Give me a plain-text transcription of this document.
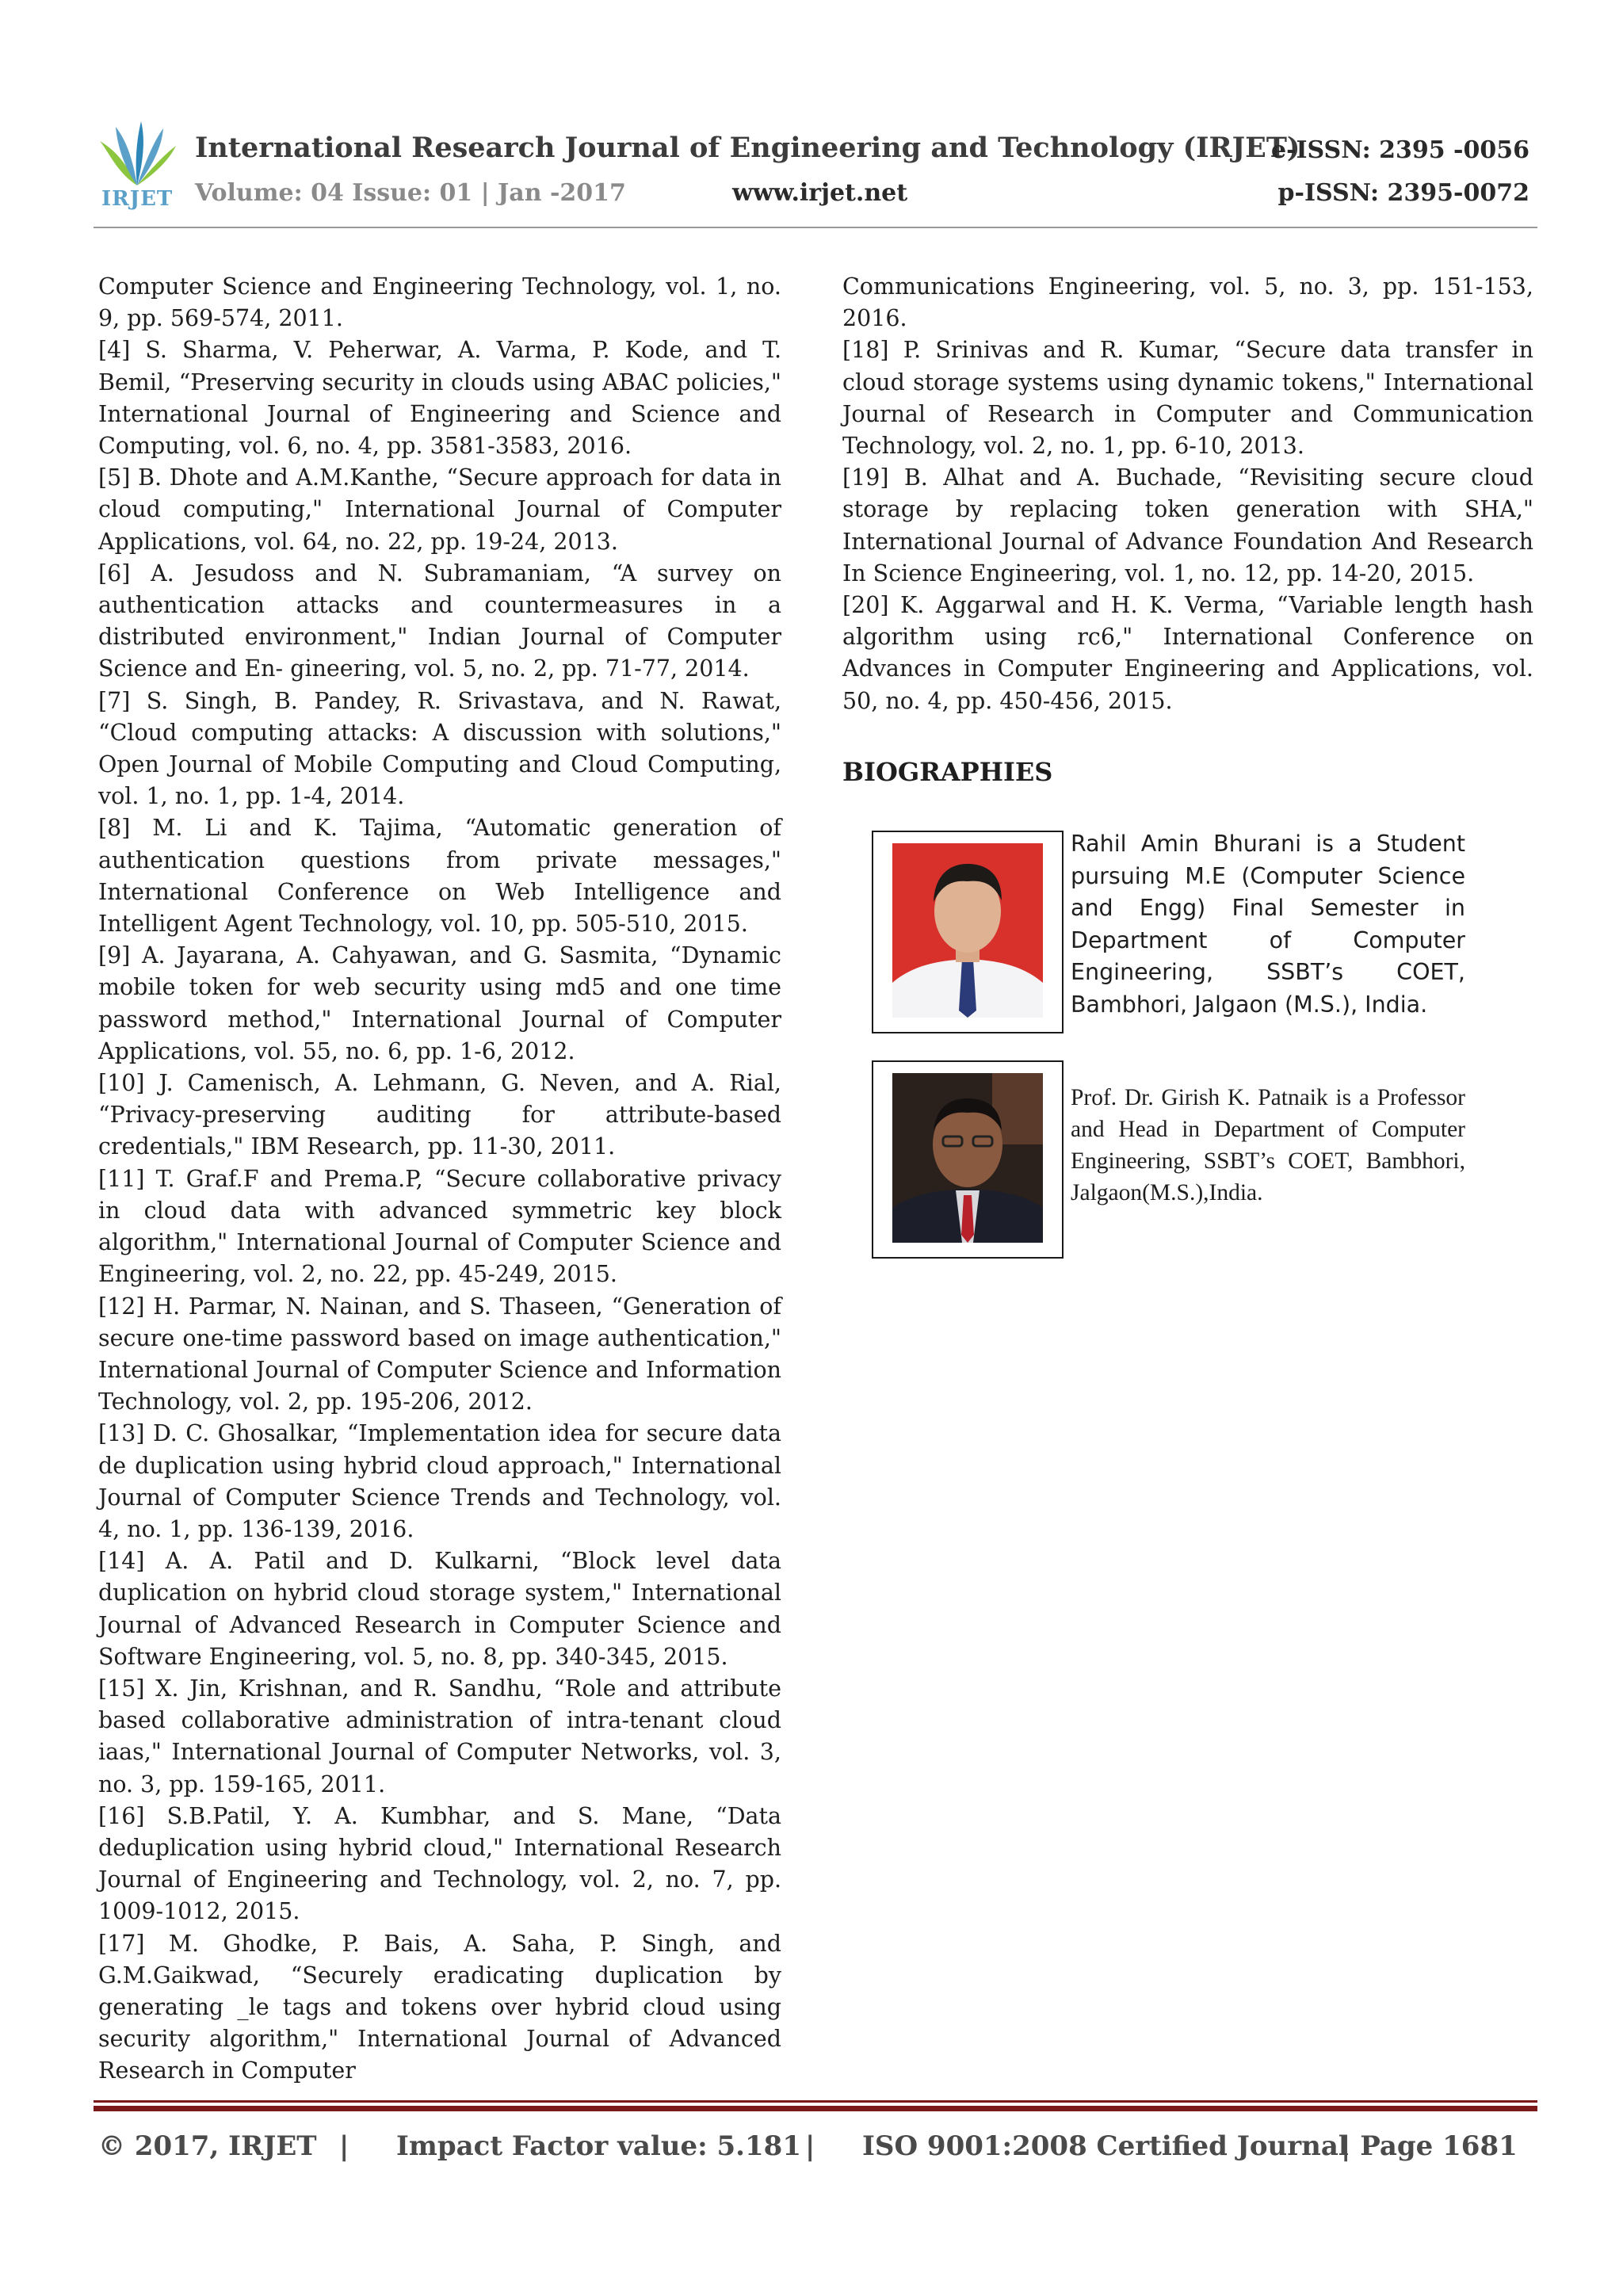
IRJET
International Research Journal of Engineering and Technology (IRJET)
e-ISSN: 2395 -0056
Volume: 04 Issue: 01 | Jan -2017	www.irjet.net	p-ISSN: 2395-0072

Computer Science and Engineering Technology, vol. 1, no. 9, pp. 569-574, 2011.

[4] S. Sharma, V. Peherwar, A. Varma, P. Kode, and T. Bemil, “Preserving security in clouds using ABAC policies," International Journal of Engineering and Science and Computing, vol. 6, no. 4, pp. 3581-3583, 2016.

[5] B. Dhote and A.M.Kanthe, “Secure approach for data in cloud computing," International Journal of Computer Applications, vol. 64, no. 22, pp. 19-24, 2013.

[6] A. Jesudoss and N. Subramaniam, “A survey on authentication attacks and countermeasures in a distributed environment," Indian Journal of Computer Science and En- gineering, vol. 5, no. 2, pp. 71-77, 2014.

[7] S. Singh, B. Pandey, R. Srivastava, and N. Rawat, “Cloud computing attacks: A discussion with solutions," Open Journal of Mobile Computing and Cloud Computing, vol. 1, no. 1, pp. 1-4, 2014.

[8] M. Li and K. Tajima, “Automatic generation of authentication questions from private messages," International Conference on Web Intelligence and Intelligent Agent Technology, vol. 10, pp. 505-510, 2015.

[9] A. Jayarana, A. Cahyawan, and G. Sasmita, “Dynamic mobile token for web security using md5 and one time password method," International Journal of Computer Applications, vol. 55, no. 6, pp. 1-6, 2012.

[10] J. Camenisch, A. Lehmann, G. Neven, and A. Rial, “Privacy-preserving auditing for attribute-based credentials," IBM Research, pp. 11-30, 2011.

[11] T. Graf.F and Prema.P, “Secure collaborative privacy in cloud data with advanced symmetric key block algorithm," International Journal of Computer Science and Engineering, vol. 2, no. 22, pp. 45-249, 2015.

[12] H. Parmar, N. Nainan, and S. Thaseen, “Generation of secure one-time password based on image authentication," International Journal of Computer Science and Information Technology, vol. 2, pp. 195-206, 2012.

[13] D. C. Ghosalkar, “Implementation idea for secure data de duplication using hybrid cloud approach," International Journal of Computer Science Trends and Technology, vol. 4, no. 1, pp. 136-139, 2016.

[14] A. A. Patil and D. Kulkarni, “Block level data duplication on hybrid cloud storage system," International Journal of Advanced Research in Computer Science and Software Engineering, vol. 5, no. 8, pp. 340-345, 2015.

[15] X. Jin, Krishnan, and R. Sandhu, “Role and attribute based collaborative administration of intra-tenant cloud iaas," International Journal of Computer Networks, vol. 3, no. 3, pp. 159-165, 2011.

[16] S.B.Patil, Y. A. Kumbhar, and S. Mane, “Data deduplication using hybrid cloud," International Research Journal of Engineering and Technology, vol. 2, no. 7, pp. 1009-1012, 2015.

[17] M. Ghodke, P. Bais, A. Saha, P. Singh, and G.M.Gaikwad, “Securely eradicating duplication by generating _le tags and tokens over hybrid cloud using security algorithm," International Journal of Advanced Research in Computer

Communications Engineering, vol. 5, no. 3, pp. 151-153, 2016.

[18] P. Srinivas and R. Kumar, “Secure data transfer in cloud storage systems using dynamic tokens," International Journal of Research in Computer and Communication Technology, vol. 2, no. 1, pp. 6-10, 2013.

[19] B. Alhat and A. Buchade, “Revisiting secure cloud storage by replacing token generation with SHA," International Journal of Advance Foundation And Research In Science Engineering, vol. 1, no. 12, pp. 14-20, 2015.

[20] K. Aggarwal and H. K. Verma, “Variable length hash algorithm using rc6," International Conference on Advances in Computer Engineering and Applications, vol. 50, no. 4, pp. 450-456, 2015.

BIOGRAPHIES
Rahil Amin Bhurani is a Student pursuing M.E (Computer Science and Engg) Final Semester in Department of Computer Engineering, SSBT’s COET, Bambhori, Jalgaon (M.S.), India.
Prof. Dr. Girish K. Patnaik is a Professor and Head in Department of Computer Engineering, SSBT’s COET, Bambhori, Jalgaon(M.S.),India.
© 2017, IRJET | Impact Factor value: 5.181 | ISO 9001:2008 Certified Journal
| Page 1681
